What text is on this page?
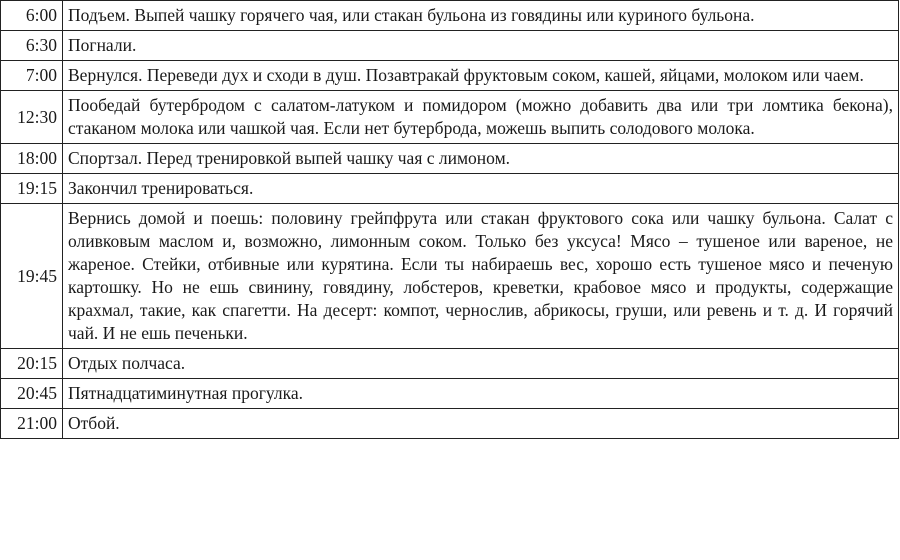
6:00	Подъем. Выпей чашку горячего чая, или стакан бульона из говядины или куриного бульона.
6:30	Погнали.
7:00	Вернулся. Переведи дух и сходи в душ. Позавтракай фруктовым соком, кашей, яйцами, молоком или чаем.
12:30	Пообедай бутербродом с салатом-латуком и помидором (можно добавить два или три ломтика бекона), стаканом молока или чашкой чая. Если нет бутерброда, можешь выпить солодового молока.
18:00	Спортзал. Перед тренировкой выпей чашку чая с лимоном.
19:15	Закончил тренироваться.
19:45	Вернись домой и поешь: половину грейпфрута или стакан фруктового сока или чашку бульона. Салат с оливковым маслом и, возможно, лимонным соком. Только без уксуса! Мясо – тушеное или вареное, не жареное. Стейки, отбивные или курятина. Если ты набираешь вес, хорошо есть тушеное мясо и печеную картошку. Но не ешь свинину, говядину, лобстеров, креветки, крабовое мясо и продукты, содержащие крахмал, такие, как спагетти. На десерт: компот, чернослив, абрикосы, груши, или ревень и т. д. И горячий чай. И не ешь печеньки.
20:15	Отдых полчаса.
20:45	Пятнадцатиминутная прогулка.
21:00	Отбой.
